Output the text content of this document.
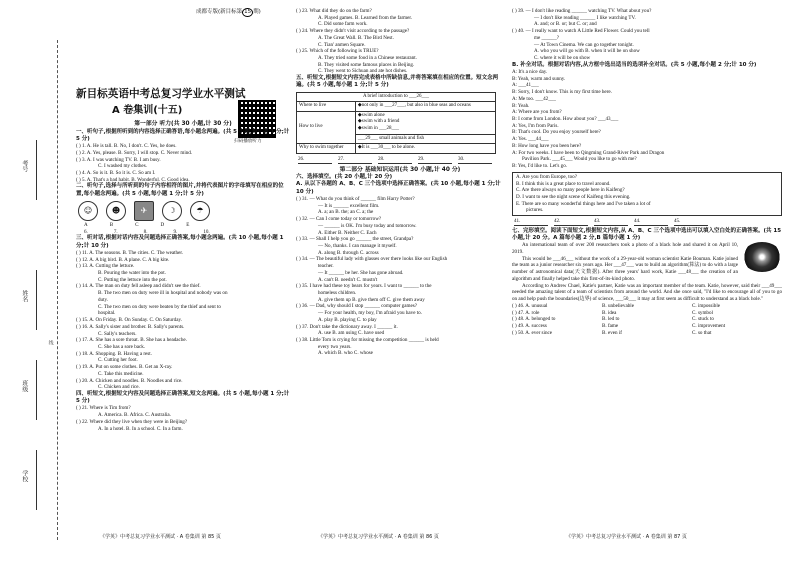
考号
姓名
班级
学校
线
成都专版(新目标第 15 期)
新目标英语中考总复习学业水平测试
A 卷集训(十五)
扫码播放听力
第一部分 听力(共 30 小题,计 30 分)
一、听句子,根据所听到的内容选择正确答语,每小题念两遍。(共 5 小题,每小题 1 分;计 5 分)
( ) 1. A. He is tall. B. No, I don't. C. Yes, he does.
( ) 2. A. Yes, please. B. Sorry, I will stop. C. Never mind.
( ) 3. A. I was watching TV. B. I am busy.
C. I washed my clothes.
( ) 4. A. So is it. B. So it is. C. So am I.
( ) 5. A. That's a bad habit. B. Wonderful. C. Good idea.
二、听句子,选择与所听到的句子内容相符的图片,并将代表图片的字母填写在相应的位置,每小题念两遍。(共 5 小题,每小题 1 分;计 5 分)
☺	☻	✈	☽	☂
A	B	C	D	E
6.	7.	8.	9.	10.
三、听对话,根据对话内容及问题选择正确答案,每小题念两遍。(共 10 小题,每小题 1 分;计 10 分)
( ) 11. A. The seasons. B. The cities. C. The weather.
( ) 12. A. A big bird. B. A plane. C. A big kite.
( ) 13. A. Cutting the lettuce.
B. Pouring the water into the pot.
C. Putting the lettuce into the pot.
( ) 14. A. The man on duty fell asleep and didn't see the thief.
B. The two men on duty were ill in hospital and nobody was on
duty.
C. The two men on duty were beaten by the thief and sent to
hospital.
( ) 15. A. On Friday. B. On Sunday. C. On Saturday.
( ) 16. A. Sally's sister and brother. B. Sally's parents.
C. Sally's teachers.
( ) 17. A. She has a sore throat. B. She has a headache.
C. She has a sore back.
( ) 18. A. Shopping. B. Having a rest.
C. Cutting her foot.
( ) 19. A. Put on some clothes. B. Get an X-ray.
C. Take this medicine.
( ) 20. A. Chicken and noodles. B. Noodles and rice.
C. Chicken and rice.
四、听短文,根据短文内容及问题选择正确答案,短文念两遍。(共 5 小题,每小题 1 分;计 5 分)
( ) 21. Where is Tim from?
A. America. B. Africa. C. Australia.
( ) 22. Where did they live when they were in Beijing?
A. In a hotel. B. In a school. C. In a farm.
( ) 23. What did they do on the farm?
A. Played games. B. Learned from the farmer.
C. Did some farm work.
( ) 24. Where they didn't visit according to the passage?
A. The Great Wall. B. The Bird Nest.
C. Tian' anmen Square.
( ) 25. Which of the following is TRUE?
A. They tried some food in a Chinese restaurant.
B. They visited some famous places in Beijing.
C. They went to Sichuan and ate hot dishes.
五、听短文,根据短文内容完成表格中所缺信息,并将答案填在相应的位置。短文念两遍。(共 5 小题,每小题 1 分;计 5 分)
A brief introduction to ___26___	
Where to live	◆not only in ___27___, but also in blue seas and oceans
How to live	◆swim alone
◆swim with a friend
◆swim in ___28___
	___29___ small animals and fish
Why to swim together	◆It is ___30___ to be alone.
26.	27.	28.	29.	30.
第二部分 基础知识运用(共 30 小题,计 40 分)
六、选择填空。(共 20 小题,计 20 分)
A. 从以下各题的 A、B、C 三个选项中选择正确答案。(共 10 小题,每小题 1 分;计 10 分)
( ) 31. — What do you think of ______ film Harry Potter?
— It is ______ excellent film.
A. a; an B. the; an C. a; the
( ) 32. — Can I come today or tomorrow?
— ______ is OK. I'm busy today and tomorrow.
A. Either B. Neither C. Each
( ) 33. — Shall I help you go ______ the street, Grandpa?
— No, thanks. I can manage it myself.
A. along B. through C. across
( ) 34. — The beautiful lady with glasses over there looks like our English
teacher.
— It ______ be her. She has gone abroad.
A. can't B. needn't C. mustn't
( ) 35. I have had these toy bears for years. I want to ______ to the
homeless children.
A. give them up B. give them off C. give them away
( ) 36. — Dad, why should I stop ______ computer games?
— For your health, my boy, I'm afraid you have to.
A. play B. playing C. to play
( ) 37. Don't take the dictionary away. I ______ it.
A. use B. am using C. have used
( ) 38. Little Tom is crying for missing the competition ______ is held
every two years.
A. which B. who C. whose
( ) 39. — I don't like reading ______ watching TV. What about you?
— I don't like reading ______ I like watching TV.
A. and; or B. or; but C. or; and
( ) 40. — I really want to watch A Little Red Flower. Could you tell
me ______?
— At Town Cinema. We can go together tonight.
A. who you will go with B. when it will be on show
C. where it will be on show
B. 补全对话。根据对话内容,从方框中选出适当的选项补全对话。(共 5 小题,每小题 2 分;计 10 分)
A: It's a nice day.
B: Yeah, warm and sunny.
A: ___41___
B: Sorry, I don't know. This is my first time here.
A: Me too. ___42___
B: Yeah.
A: Where are you from?
B: I come from London. How about you? ___43___
A: Yes, I'm from Paris.
B: That's cool. Do you enjoy yourself here?
A: Yes. ___44___
B: How long have you been here?
A: For two weeks. I have been to Qingming Grand-River Park and Dragon
Pavilion Park. ___45___ Would you like to go with me?
B: Yes, I'd like to. Let's go.
A. Are you from Europe, too?
B. I think this is a great place to travel around.
C. Are there always so many people here in Kaifeng?
D. I want to see the night scene of Kaifeng this evening.
E. There are so many wonderful things here and I've taken a lot of
pictures.
41.	42.	43.	44.	45.
七、完形填空。阅读下面短文,根据短文内容,从 A、B、C 三个选项中选出可以填入空白处的正确答案。(共 15 小题,计 20 分。A 篇每小题 2 分,B 篇每小题 1 分)
An international team of over 200 researchers took a photo of a black hole and shared it on April 10, 2019.
This would be ___46___ without the work of a 29-year-old woman scientist Katie Bouman. Katie joined the team as a junior researcher six years ago. Her ___47___ was to build an algorithm(算法) to do with a large number of astronomical data(天文数据). After three years' hard work, Katie ___48___ the creation of an algorithm and finally helped take this first-of-its-kind photo.
According to Andrew Chael, Katie's partner, Katie was an important member of the team. Katie, however, said their ___49___ needed the amazing talent of a team of scientists from around the world. And she once said, "I'd like to encourage all of you to go on and help push the boundaries(边界) of science, ___50___ it may at first seem as difficult to understand as a black hole."
( ) 46. A. unusual	B. unbelievable	C. impossible
( ) 47. A. role	B. idea	C. symbol
( ) 48. A. belonged to	B. led to	C. stuck to
( ) 49. A. success	B. fame	C. improvement
( ) 50. A. ever since	B. even if	C. so that
《学英》中考总复习学业水平测试 · A 卷集训 第 85 页	《学英》中考总复习学业水平测试 · A 卷集训 第 86 页	《学英》中考总复习学业水平测试 · A 卷集训 第 87 页
